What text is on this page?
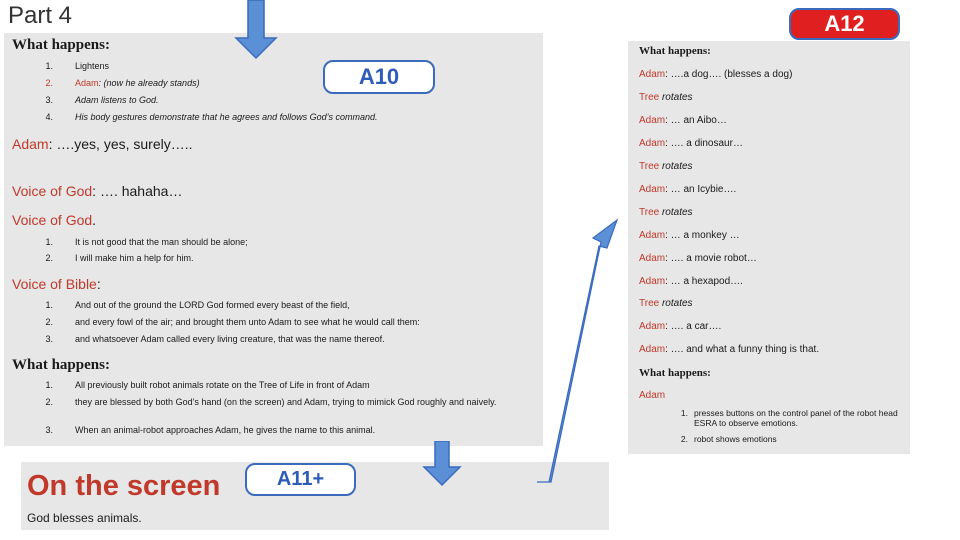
Part 4
What happens:
A10
1. Lightens
2. Adam: (now he already stands)
3. Adam listens to God.
4. His body gestures demonstrate that he agrees and follows God’s command.
Adam: ….yes, yes, surely…..
Voice of God: …. hahaha…
Voice of God.
1. It is not good that the man should be alone;
2. I will make him a help for him.
Voice of Bible:
1. And out of the ground the LORD God formed every beast of the field,
2. and every fowl of the air; and brought them unto Adam to see what he would call them:
3. and whatsoever Adam called every living creature, that was the name thereof.
What happens:
1. All previously built robot animals rotate on the Tree of Life in front of Adam
2. they are blessed by both God’s hand (on the screen) and Adam, trying to mimick God roughly and naively.
3. When an animal-robot approaches Adam, he gives the name to this animal.
On the screen	A11+
God blesses animals.
A12
What happens:
Adam: ….a dog…. (blesses a dog)
Tree rotates
Adam: … an Aibo…
Adam: …. a dinosaur…
Tree rotates
Adam: … an Icybie….
Tree rotates
Adam: … a monkey …
Adam: …. a movie robot…
Adam: … a hexapod….
Tree rotates
Adam: …. a car….
Adam: …. and what a funny thing is that.
What happens:
Adam
1. presses buttons on the control panel of the robot head ESRA to observe emotions.
2. robot shows emotions
